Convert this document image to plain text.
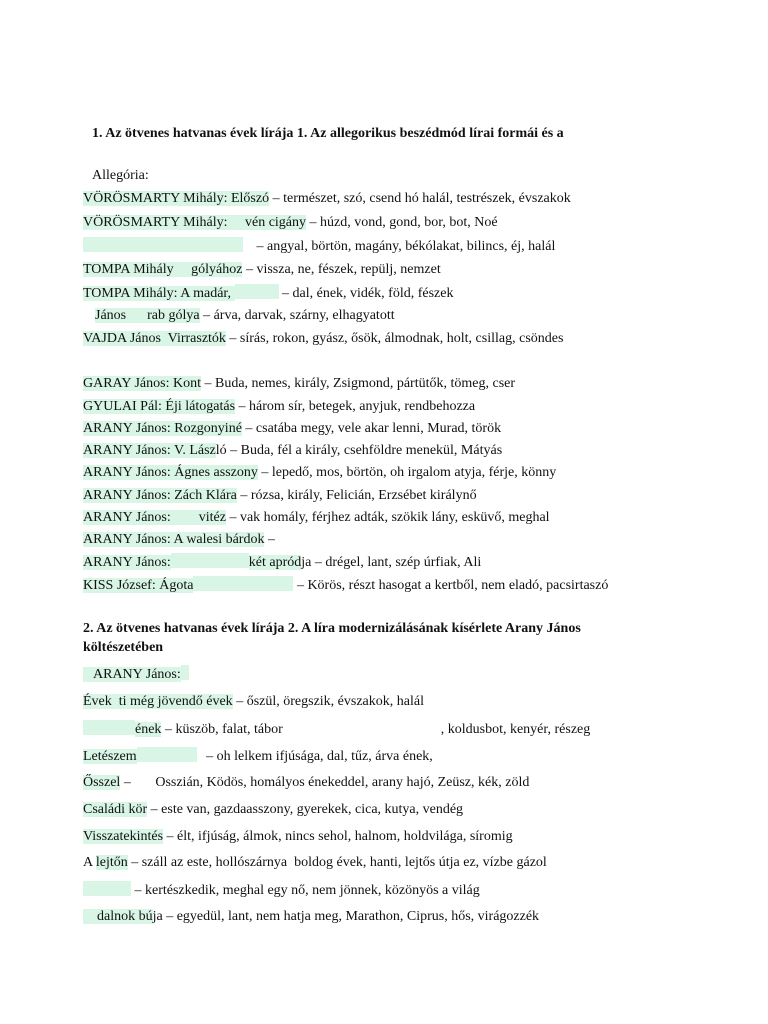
1. Az ötvenes hatvanas évek lírája 1. Az allegorikus beszédmód lírai formái és a
Allegória:
VÖRÖSMARTY Mihály: Előszó – természet, szó, csend hó halál, testrészek, évszakok
VÖRÖSMARTY Mihály:     vén cigány – húzd, vond, gond, bor, bot, Noé
– angyal, börtön, magány, békólakat, bilincs, éj, halál
TOMPA Mihály     gólyához – vissza, ne, fészek, repülj, nemzet
TOMPA Mihály: A madár,	– dal, ének, vidék, föld, fészek
János      rab gólya – árva, darvak, szárny, elhagyatott
VAJDA János  Virrasztók – sírás, rokon, gyász, ősök, álmodnak, holt, csillag, csöndes
GARAY János: Kont – Buda, nemes, király, Zsigmond, pártütők, tömeg, cser
GYULAI Pál: Éji látogatás – három sír, betegek, anyjuk, rendbehozza
ARANY János: Rozgonyiné – csatába megy, vele akar lenni, Murad, török
ARANY János: V. László – Buda, fél a király, csehföldre menekül, Mátyás
ARANY János: Ágnes asszony – lepedő, mos, börtön, oh irgalom atyja, férje, könny
ARANY János: Zách Klára – rózsa, király, Felicián, Erzsébet királynő
ARANY János:        vitéz – vak homály, férjhez adták, szökik lány, esküvő, meghal
ARANY János: A walesi bárdok –
ARANY János:	két apródja – drégel, lant, szép úrfiak, Ali
KISS József: Ágota	– Körös, részt hasogat a kertből, nem eladó, pacsirtaszó
2. Az ötvenes hatvanas évek lírája 2. A líra modernizálásának kísérlete Arany János
költészetében
ARANY János:
Évek  ti még jövendő évek – őszül, öregszik, évszakok, halál
ének – küszöb, falat, tábor	, koldusbot, kenyér, részeg
Letészem	– oh lelkem ifjúsága, dal, tűz, árva ének,
Ősszel –       Osszián, Ködös, homályos énekeddel, arany hajó, Zeüsz, kék, zöld
Családi kör – este van, gazdaasszony, gyerekek, cica, kutya, vendég
Visszatekintés – élt, ifjúság, álmok, nincs sehol, halnom, holdvilága, síromig
A lejtőn – száll az este, hollószárnya  boldog évek, hanti, lejtős útja ez, vízbe gázol
– kertészkedik, meghal egy nő, nem jönnek, közönyös a világ
dalnok búja – egyedül, lant, nem hatja meg, Marathon, Ciprus, hős, virágozzék
